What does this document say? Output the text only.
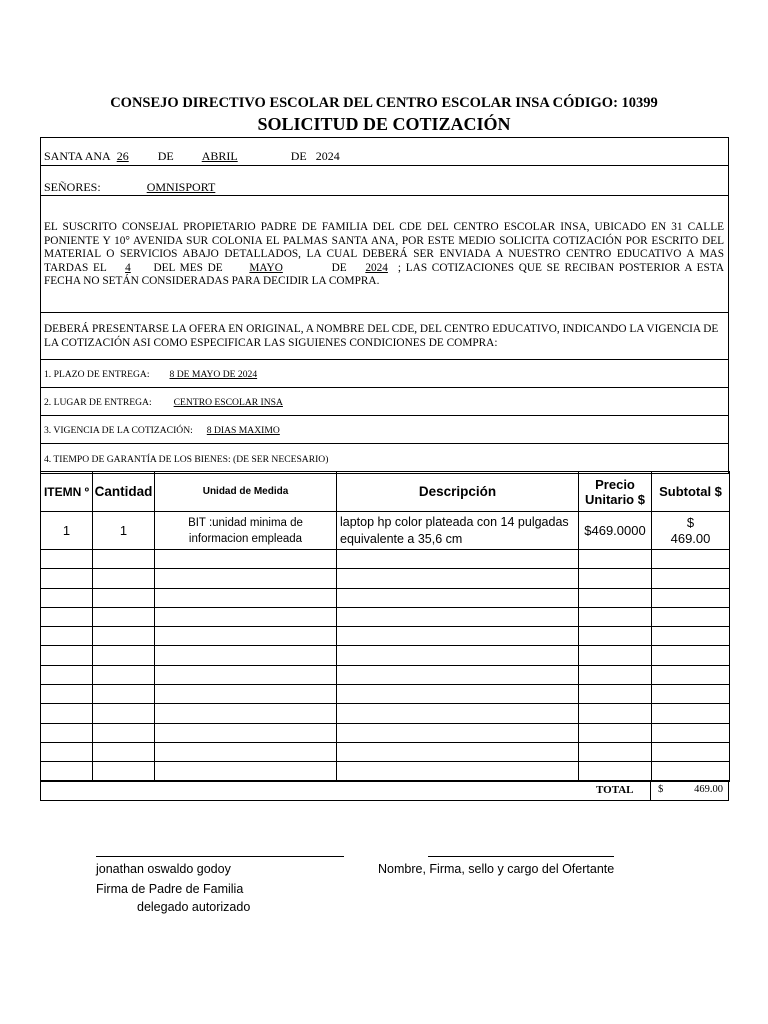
CONSEJO DIRECTIVO ESCOLAR DEL CENTRO ESCOLAR INSA CÓDIGO: 10399
SOLICITUD DE COTIZACIÓN
SANTA ANA 26 DE ABRIL	DE 2024
SEÑORES:	OMNISPORT
EL SUSCRITO CONSEJAL PROPIETARIO PADRE DE FAMILIA DEL CDE DEL CENTRO ESCOLAR INSA, UBICADO EN 31 CALLE PONIENTE Y 10° AVENIDA SUR COLONIA EL PALMAS SANTA ANA, POR ESTE MEDIO SOLICITA COTIZACIÓN POR ESCRITO DEL MATERIAL O SERVICIOS ABAJO DETALLADOS, LA CUAL DEBERÁ SER ENVIADA A NUESTRO CENTRO EDUCATIVO A MAS TARDAS EL 4 DEL MES DE MAYO	DE 2024 ; LAS COTIZACIONES QUE SE RECIBAN POSTERIOR A ESTA FECHA NO SETÁN CONSIDERADAS PARA DECIDIR LA COMPRA.
DEBERÁ PRESENTARSE LA OFERA EN ORIGINAL, A NOMBRE DEL CDE, DEL CENTRO EDUCATIVO, INDICANDO LA VIGENCIA DE LA COTIZACIÓN ASI COMO ESPECIFICAR LAS SIGUIENES CONDICIONES DE COMPRA:
1. PLAZO DE ENTREGA: 8 DE MAYO DE 2024
2. LUGAR DE ENTREGA: CENTRO ESCOLAR INSA
3. VIGENCIA DE LA COTIZACIÓN: 8 DIAS MAXIMO
4. TIEMPO DE GARANTÍA DE LOS BIENES: (DE SER NECESARIO)
ITEMN º	Cantidad	Unidad de Medida	Descripción	Precio Unitario $	Subtotal $
1	1	BIT :unidad minima de informacion empleada	laptop hp color plateada con 14 pulgadas equivalente a 35,6 cm	$469.0000	$ 469.00

TOTAL $	469.00
jonathan oswaldo godoy
Firma de Padre de Familia
delegado autorizado
Nombre, Firma, sello y cargo del Ofertante
